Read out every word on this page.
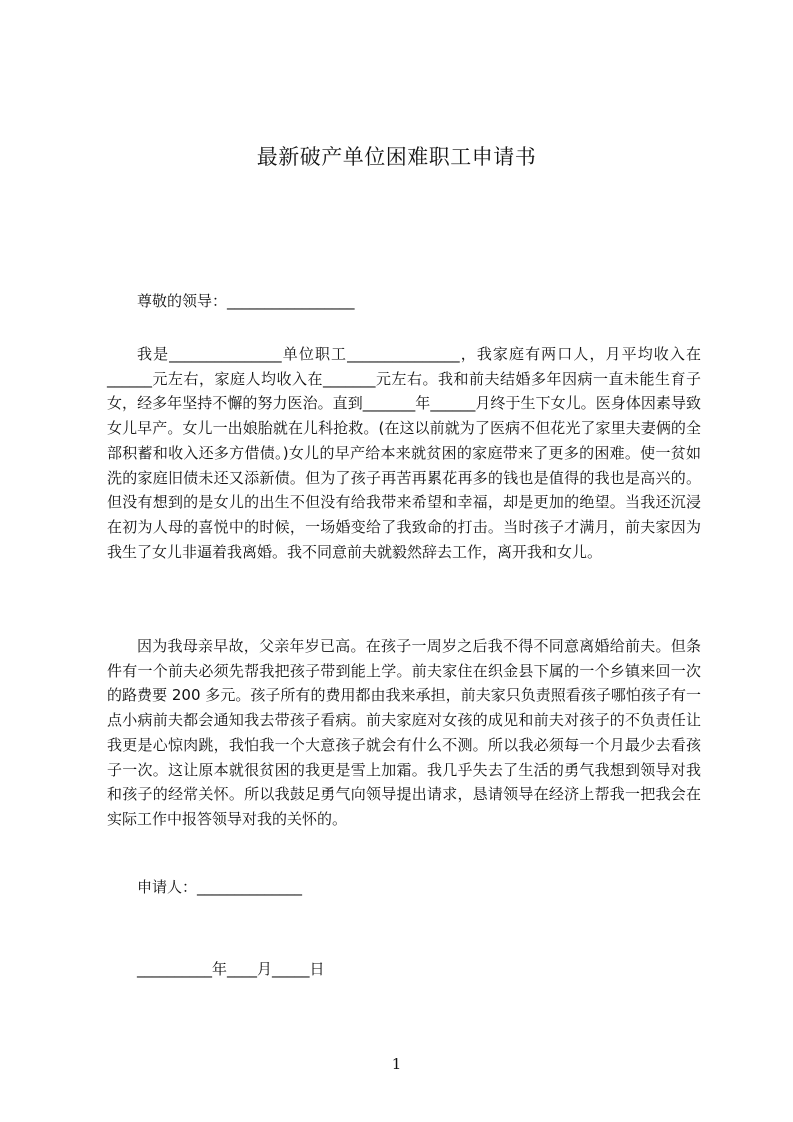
最新破产单位困难职工申请书
尊敬的领导：_________________
我是_______________单位职工_______________，我家庭有两口人，月平均收入在______元左右，家庭人均收入在_______元左右。我和前夫结婚多年因病一直未能生育子女，经多年坚持不懈的努力医治。直到_______年______月终于生下女儿。医身体因素导致女儿早产。女儿一出娘胎就在儿科抢救。(在这以前就为了医病不但花光了家里夫妻俩的全部积蓄和收入还多方借债。)女儿的早产给本来就贫困的家庭带来了更多的困难。使一贫如洗的家庭旧债未还又添新债。但为了孩子再苦再累花再多的钱也是值得的我也是高兴的。但没有想到的是女儿的出生不但没有给我带来希望和幸福，却是更加的绝望。当我还沉浸在初为人母的喜悦中的时候，一场婚变给了我致命的打击。当时孩子才满月，前夫家因为我生了女儿非逼着我离婚。我不同意前夫就毅然辞去工作，离开我和女儿。
因为我母亲早故，父亲年岁已高。在孩子一周岁之后我不得不同意离婚给前夫。但条件有一个前夫必须先帮我把孩子带到能上学。前夫家住在织金县下属的一个乡镇来回一次的路费要 200 多元。孩子所有的费用都由我来承担，前夫家只负责照看孩子哪怕孩子有一点小病前夫都会通知我去带孩子看病。前夫家庭对女孩的成见和前夫对孩子的不负责任让我更是心惊肉跳，我怕我一个大意孩子就会有什么不测。所以我必须每一个月最少去看孩子一次。这让原本就很贫困的我更是雪上加霜。我几乎失去了生活的勇气我想到领导对我和孩子的经常关怀。所以我鼓足勇气向领导提出请求，恳请领导在经济上帮我一把我会在实际工作中报答领导对我的关怀的。
申请人：______________
__________年____月_____日
1
